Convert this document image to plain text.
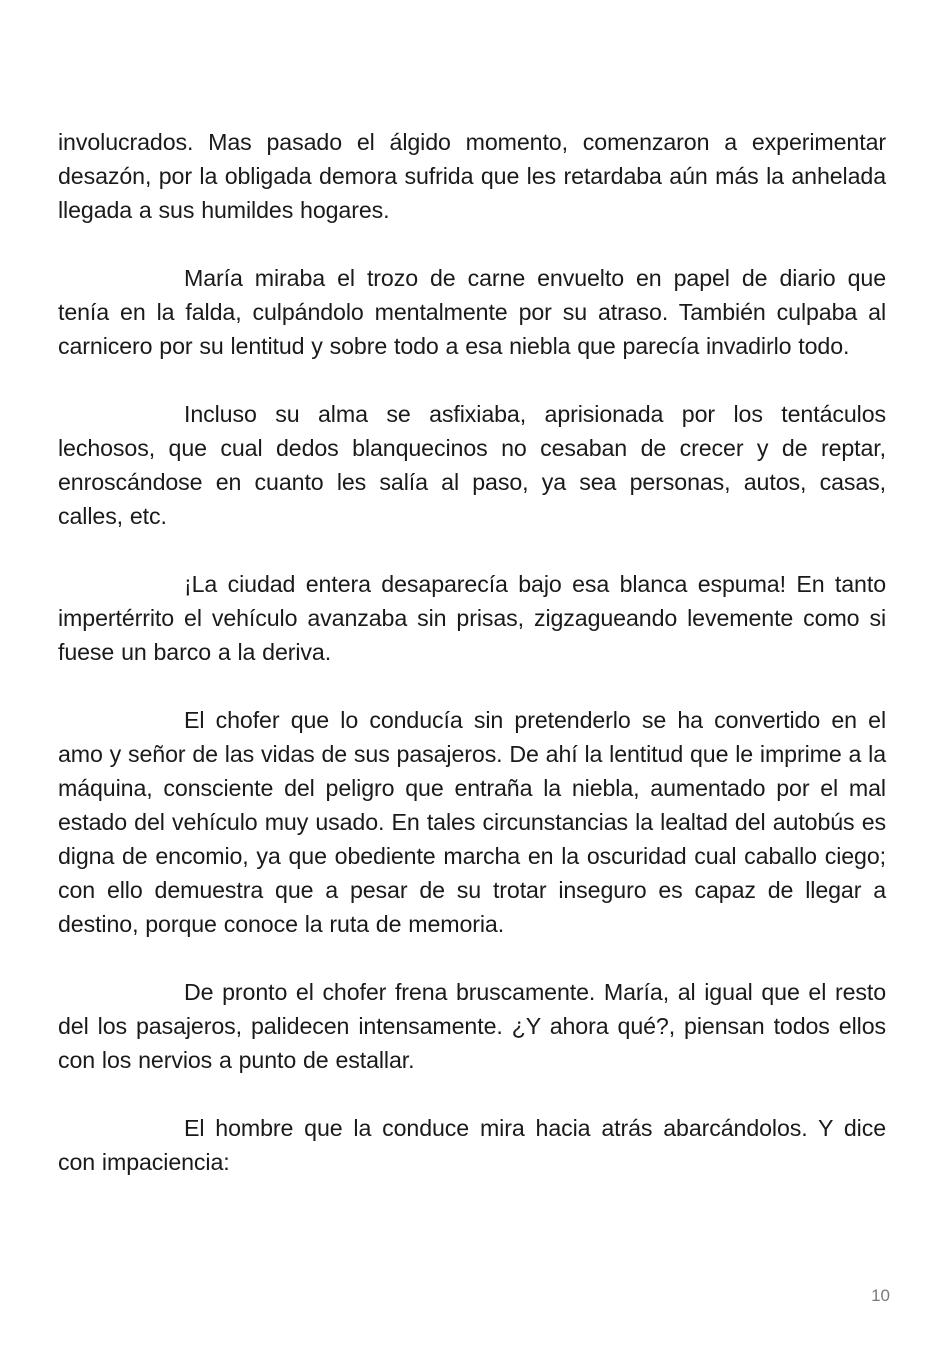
involucrados. Mas pasado el álgido momento, comenzaron a experimentar desazón, por la obligada demora sufrida que les retardaba aún más la anhelada llegada a sus humildes hogares.

María miraba el trozo de carne envuelto en papel de diario que tenía en la falda, culpándolo mentalmente por su atraso. También culpaba al carnicero por su lentitud y sobre todo a esa niebla que parecía invadirlo todo.

Incluso su alma se asfixiaba, aprisionada por los tentáculos lechosos, que cual dedos blanquecinos no cesaban de crecer y de reptar, enroscándose en cuanto les salía al paso, ya sea personas, autos, casas, calles, etc.

¡La ciudad entera desaparecía bajo esa blanca espuma! En tanto impertérrito el vehículo avanzaba sin prisas, zigzagueando levemente como si fuese un barco a la deriva.

El chofer que lo conducía sin pretenderlo se ha convertido en el amo y señor de las vidas de sus pasajeros. De ahí la lentitud que le imprime a la máquina, consciente del peligro que entraña la niebla, aumentado por el mal estado del vehículo muy usado. En tales circunstancias la lealtad del autobús es digna de encomio, ya que obediente marcha en la oscuridad cual caballo ciego; con ello demuestra que a pesar de su trotar inseguro es capaz de llegar a destino, porque conoce la ruta de memoria.

De pronto el chofer frena bruscamente. María, al igual que el resto del los pasajeros, palidecen intensamente. ¿Y ahora qué?, piensan todos ellos con los nervios a punto de estallar.

El hombre que la conduce mira hacia atrás abarcándolos. Y dice con impaciencia:

10
